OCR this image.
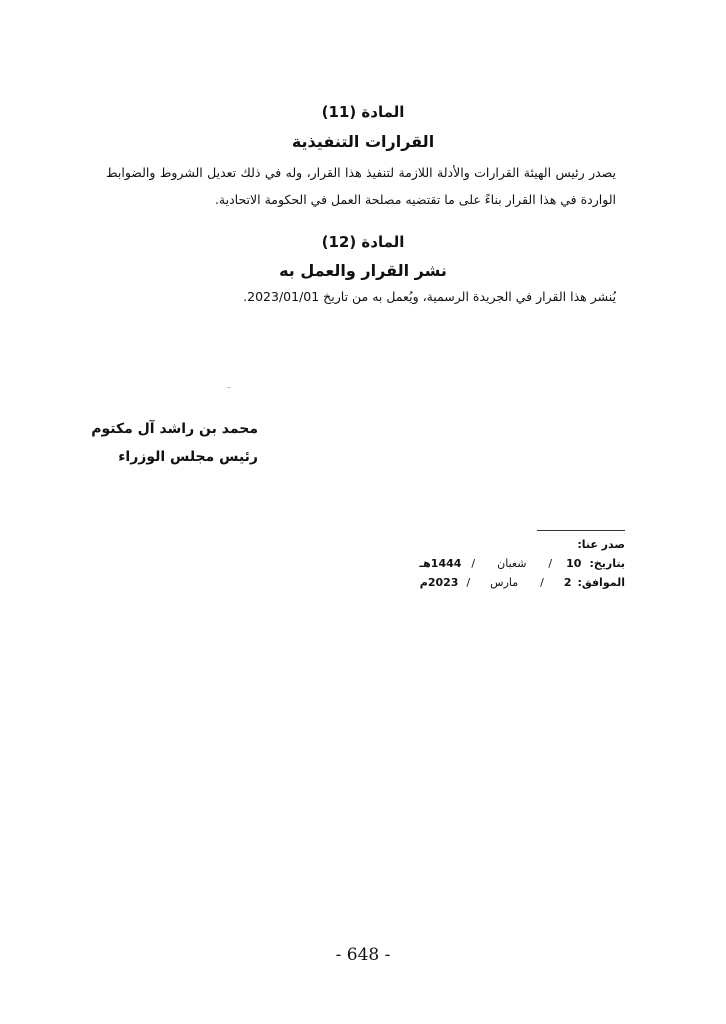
المادة (11)
القرارات التنفيذية
يصدر رئيس الهيئة القرارات والأدلة اللازمة لتنفيذ هذا القرار، وله في ذلك تعديل الشروط والضوابط الواردة في هذا القرار بناءً على ما تقتضيه مصلحة العمل في الحكومة الاتحادية.
المادة (12)
نشر القرار والعمل به
يُنشر هذا القرار في الجريدة الرسمية، ويُعمل به من تاريخ 2023/01/01.
محمد بن راشد آل مكتوم
رئيس مجلس الوزراء
صدر عنا:
بتاريخ:
10
/
شعبان
/
1444هـ
الموافق:
2
/
مارس
/
2023م
- 648 -
